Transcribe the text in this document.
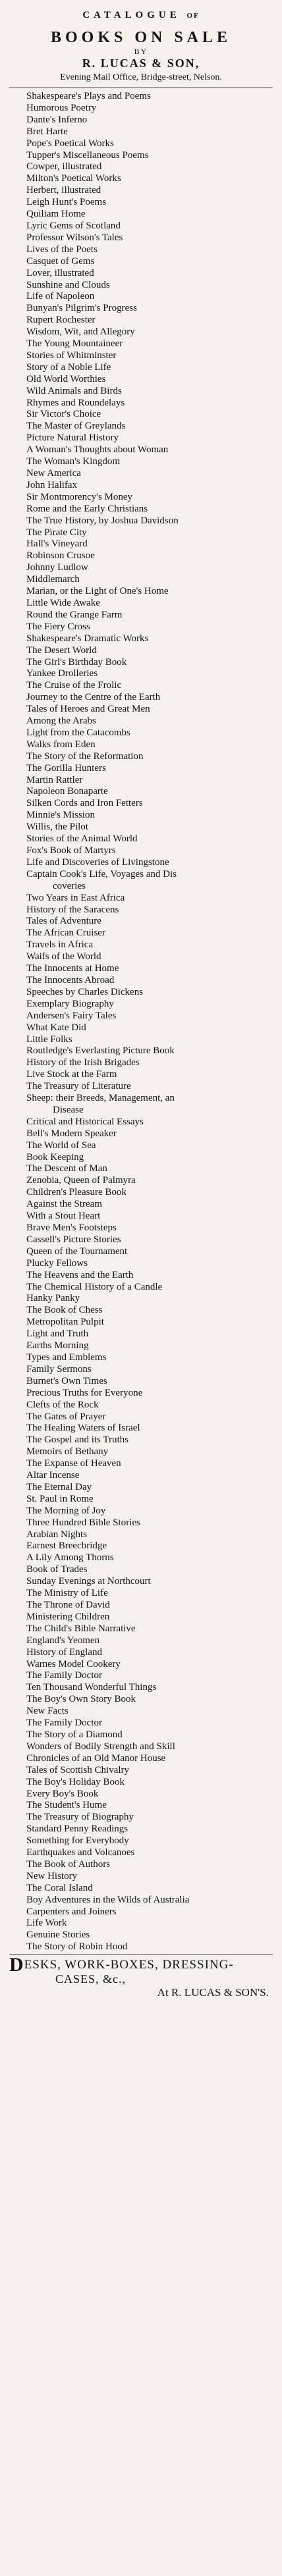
CATALOGUE OF
BOOKS ON SALE
BY
R. LUCAS & SON,
Evening Mail Office, Bridge-street, Nelson.
Shakespeare's Plays and Poems
Humorous Poetry
Dante's Inferno
Bret Harte
Pope's Poetical Works
Tupper's Miscellaneous Poems
Cowper, illustrated
Milton's Poetical Works
Herbert, illustrated
Leigh Hunt's Poems
Quiliam Home
Lyric Gems of Scotland
Professor Wilson's Tales
Lives of the Poets
Casquet of Gems
Lover, illustrated
Sunshine and Clouds
Life of Napoleon
Bunyan's Pilgrim's Progress
Rupert Rochester
Wisdom, Wit, and Allegory
The Young Mountaineer
Stories of Whitminster
Story of a Noble Life
Old World Worthies
Wild Animals and Birds
Rhymes and Roundelays
Sir Victor's Choice
The Master of Greylands
Picture Natural History
A Woman's Thoughts about Woman
The Woman's Kingdom
New America
John Halifax
Sir Montmorency's Money
Rome and the Early Christians
The True History, by Joshua Davidson
The Pirate City
Hall's Vineyard
Robinson Crusoe
Johnny Ludlow
Middlemarch
Marian, or the Light of One's Home
Little Wide Awake
Round the Grange Farm
The Fiery Cross
Shakespeare's Dramatic Works
The Desert World
The Girl's Birthday Book
Yankee Drolleries
The Cruise of the Frolic
Journey to the Centre of the Earth
Tales of Heroes and Great Men
Among the Arabs
Light from the Catacombs
Walks from Eden
The Story of the Reformation
The Gorilla Hunters
Martin Rattler
Napoleon Bonaparte
Silken Cords and Iron Fetters
Minnie's Mission
Willis, the Pilot
Stories of the Animal World
Fox's Book of Martyrs
Life and Discoveries of Livingstone
Captain Cook's Life, Voyages and Dis
coveries
Two Years in East Africa
History of the Saracens
Tales of Adventure
The African Cruiser
Travels in Africa
Waifs of the World
The Innocents at Home
The Innocents Abroad
Speeches by Charles Dickens
Exemplary Biography
Andersen's Fairy Tales
What Kate Did
Little Folks
Routledge's Everlasting Picture Book
History of the Irish Brigades
Live Stock at the Farm
The Treasury of Literature
Sheep: their Breeds, Management, an
Disease
Critical and Historical Essays
Bell's Modern Speaker
The World of Sea
Book Keeping
The Descent of Man
Zenobia, Queen of Palmyra
Children's Pleasure Book
Against the Stream
With a Stout Heart
Brave Men's Footsteps
Cassell's Picture Stories
Queen of the Tournament
Plucky Fellows
The Heavens and the Earth
The Chemical History of a Candle
Hanky Panky
The Book of Chess
Metropolitan Pulpit
Light and Truth
Earths Morning
Types and Emblems
Family Sermons
Burnet's Own Times
Precious Truths for Everyone
Clefts of the Rock
The Gates of Prayer
The Healing Waters of Israel
The Gospel and its Truths
Memoirs of Bethany
The Expanse of Heaven
Altar Incense
The Eternal Day
St. Paul in Rome
The Morning of Joy
Three Hundred Bible Stories
Arabian Nights
Earnest Breecbridge
A Lily Among Thorns
Book of Trades
Sunday Evenings at Northcourt
The Ministry of Life
The Throne of David
Ministering Children
The Child's Bible Narrative
England's Yeomen
History of England
Warnes Model Cookery
The Family Doctor
Ten Thousand Wonderful Things
The Boy's Own Story Book
New Facts
The Family Doctor
The Story of a Diamond
Wonders of Bodily Strength and Skill
Chronicles of an Old Manor House
Tales of Scottish Chivalry
The Boy's Holiday Book
Every Boy's Book
The Student's Hume
The Treasury of Biography
Standard Penny Readings
Something for Everybody
Earthquakes and Volcanoes
The Book of Authors
New History
The Coral Island
Boy Adventures in the Wilds of Australia
Carpenters and Joiners
Life Work
Genuine Stories
The Story of Robin Hood
DESKS, WORK-BOXES, DRESSING-
CASES, &c.,
At R. LUCAS & SON'S.
